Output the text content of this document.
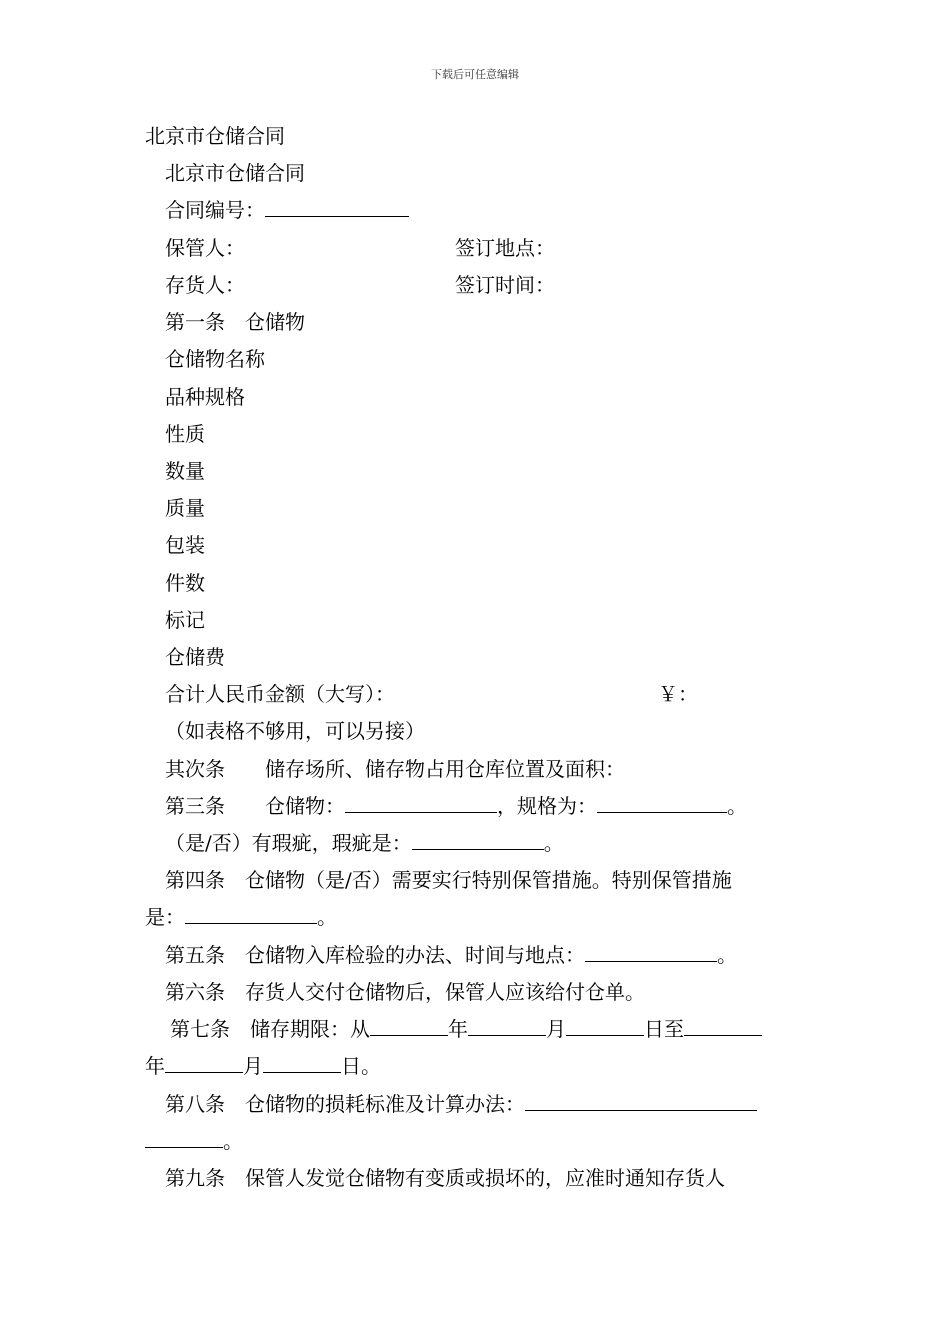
下载后可任意编辑
北京市仓储合同
北京市仓储合同
合同编号：
保管人：	签订地点：
存货人：	签订时间：
第一条　仓储物
仓储物名称
品种规格
性质
数量
质量
包装
件数
标记
仓储费
合计人民币金额（大写）：	￥：
（如表格不够用，可以另接）
其次条　　储存场所、储存物占用仓库位置及面积：
第三条　　仓储物：	，规格为：	。
（是/否）有瑕疵，瑕疵是：	。
第四条　仓储物（是/否）需要实行特别保管措施。特别保管措施
是：	。
第五条　仓储物入库检验的办法、时间与地点：	。
第六条　存货人交付仓储物后，保管人应该给付仓单。
第七条　储存期限：从	年	月	日至
年	月	日。
第八条　仓储物的损耗标准及计算办法：
。
第九条　保管人发觉仓储物有变质或损坏的，应准时通知存货人
